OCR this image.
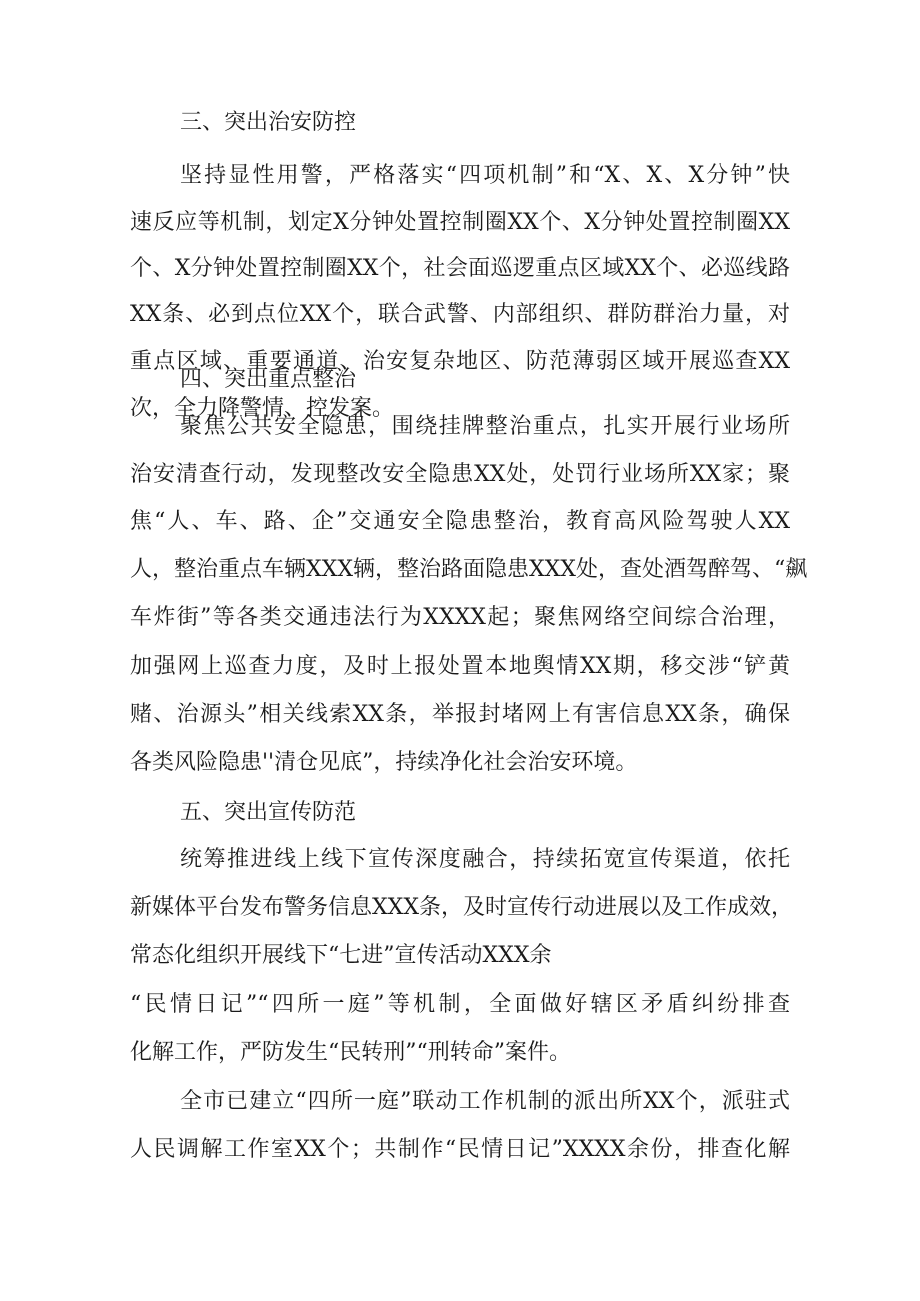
三、突出治安防控

坚持显性用警，严格落实“四项机制”和“X、X、X分钟”快

速反应等机制，划定X分钟处置控制圈XX个、X分钟处置控制圈XX

个、X分钟处置控制圈XX个，社会面巡逻重点区域XX个、必巡线路

XX条、必到点位XX个，联合武警、内部组织、群防群治力量，对

重点区域、重要通道、治安复杂地区、防范薄弱区域开展巡查XX

次，全力降警情、控发案。

四、突出重点整治

聚焦公共安全隐患，围绕挂牌整治重点，扎实开展行业场所

治安清查行动，发现整改安全隐患XX处，处罚行业场所XX家；聚

焦“人、车、路、企”交通安全隐患整治，教育高风险驾驶人XX

人，整治重点车辆XXX辆，整治路面隐患XXX处，查处酒驾醉驾、“飙

车炸街”等各类交通违法行为XXXX起；聚焦网络空间综合治理，

加强网上巡查力度，及时上报处置本地舆情XX期，移交涉“铲黄

赌、治源头”相关线索XX条，举报封堵网上有害信息XX条，确保

各类风险隐患''清仓见底”，持续净化社会治安环境。

五、突出宣传防范

统筹推进线上线下宣传深度融合，持续拓宽宣传渠道，依托

新媒体平台发布警务信息XXX条，及时宣传行动进展以及工作成效，

常态化组织开展线下“七进”宣传活动XXX余

“民情日记”“四所一庭”等机制，全面做好辖区矛盾纠纷排查

化解工作，严防发生“民转刑”“刑转命”案件。

全市已建立“四所一庭”联动工作机制的派出所XX个，派驻式

人民调解工作室XX个；共制作“民情日记”XXXX余份，排查化解
